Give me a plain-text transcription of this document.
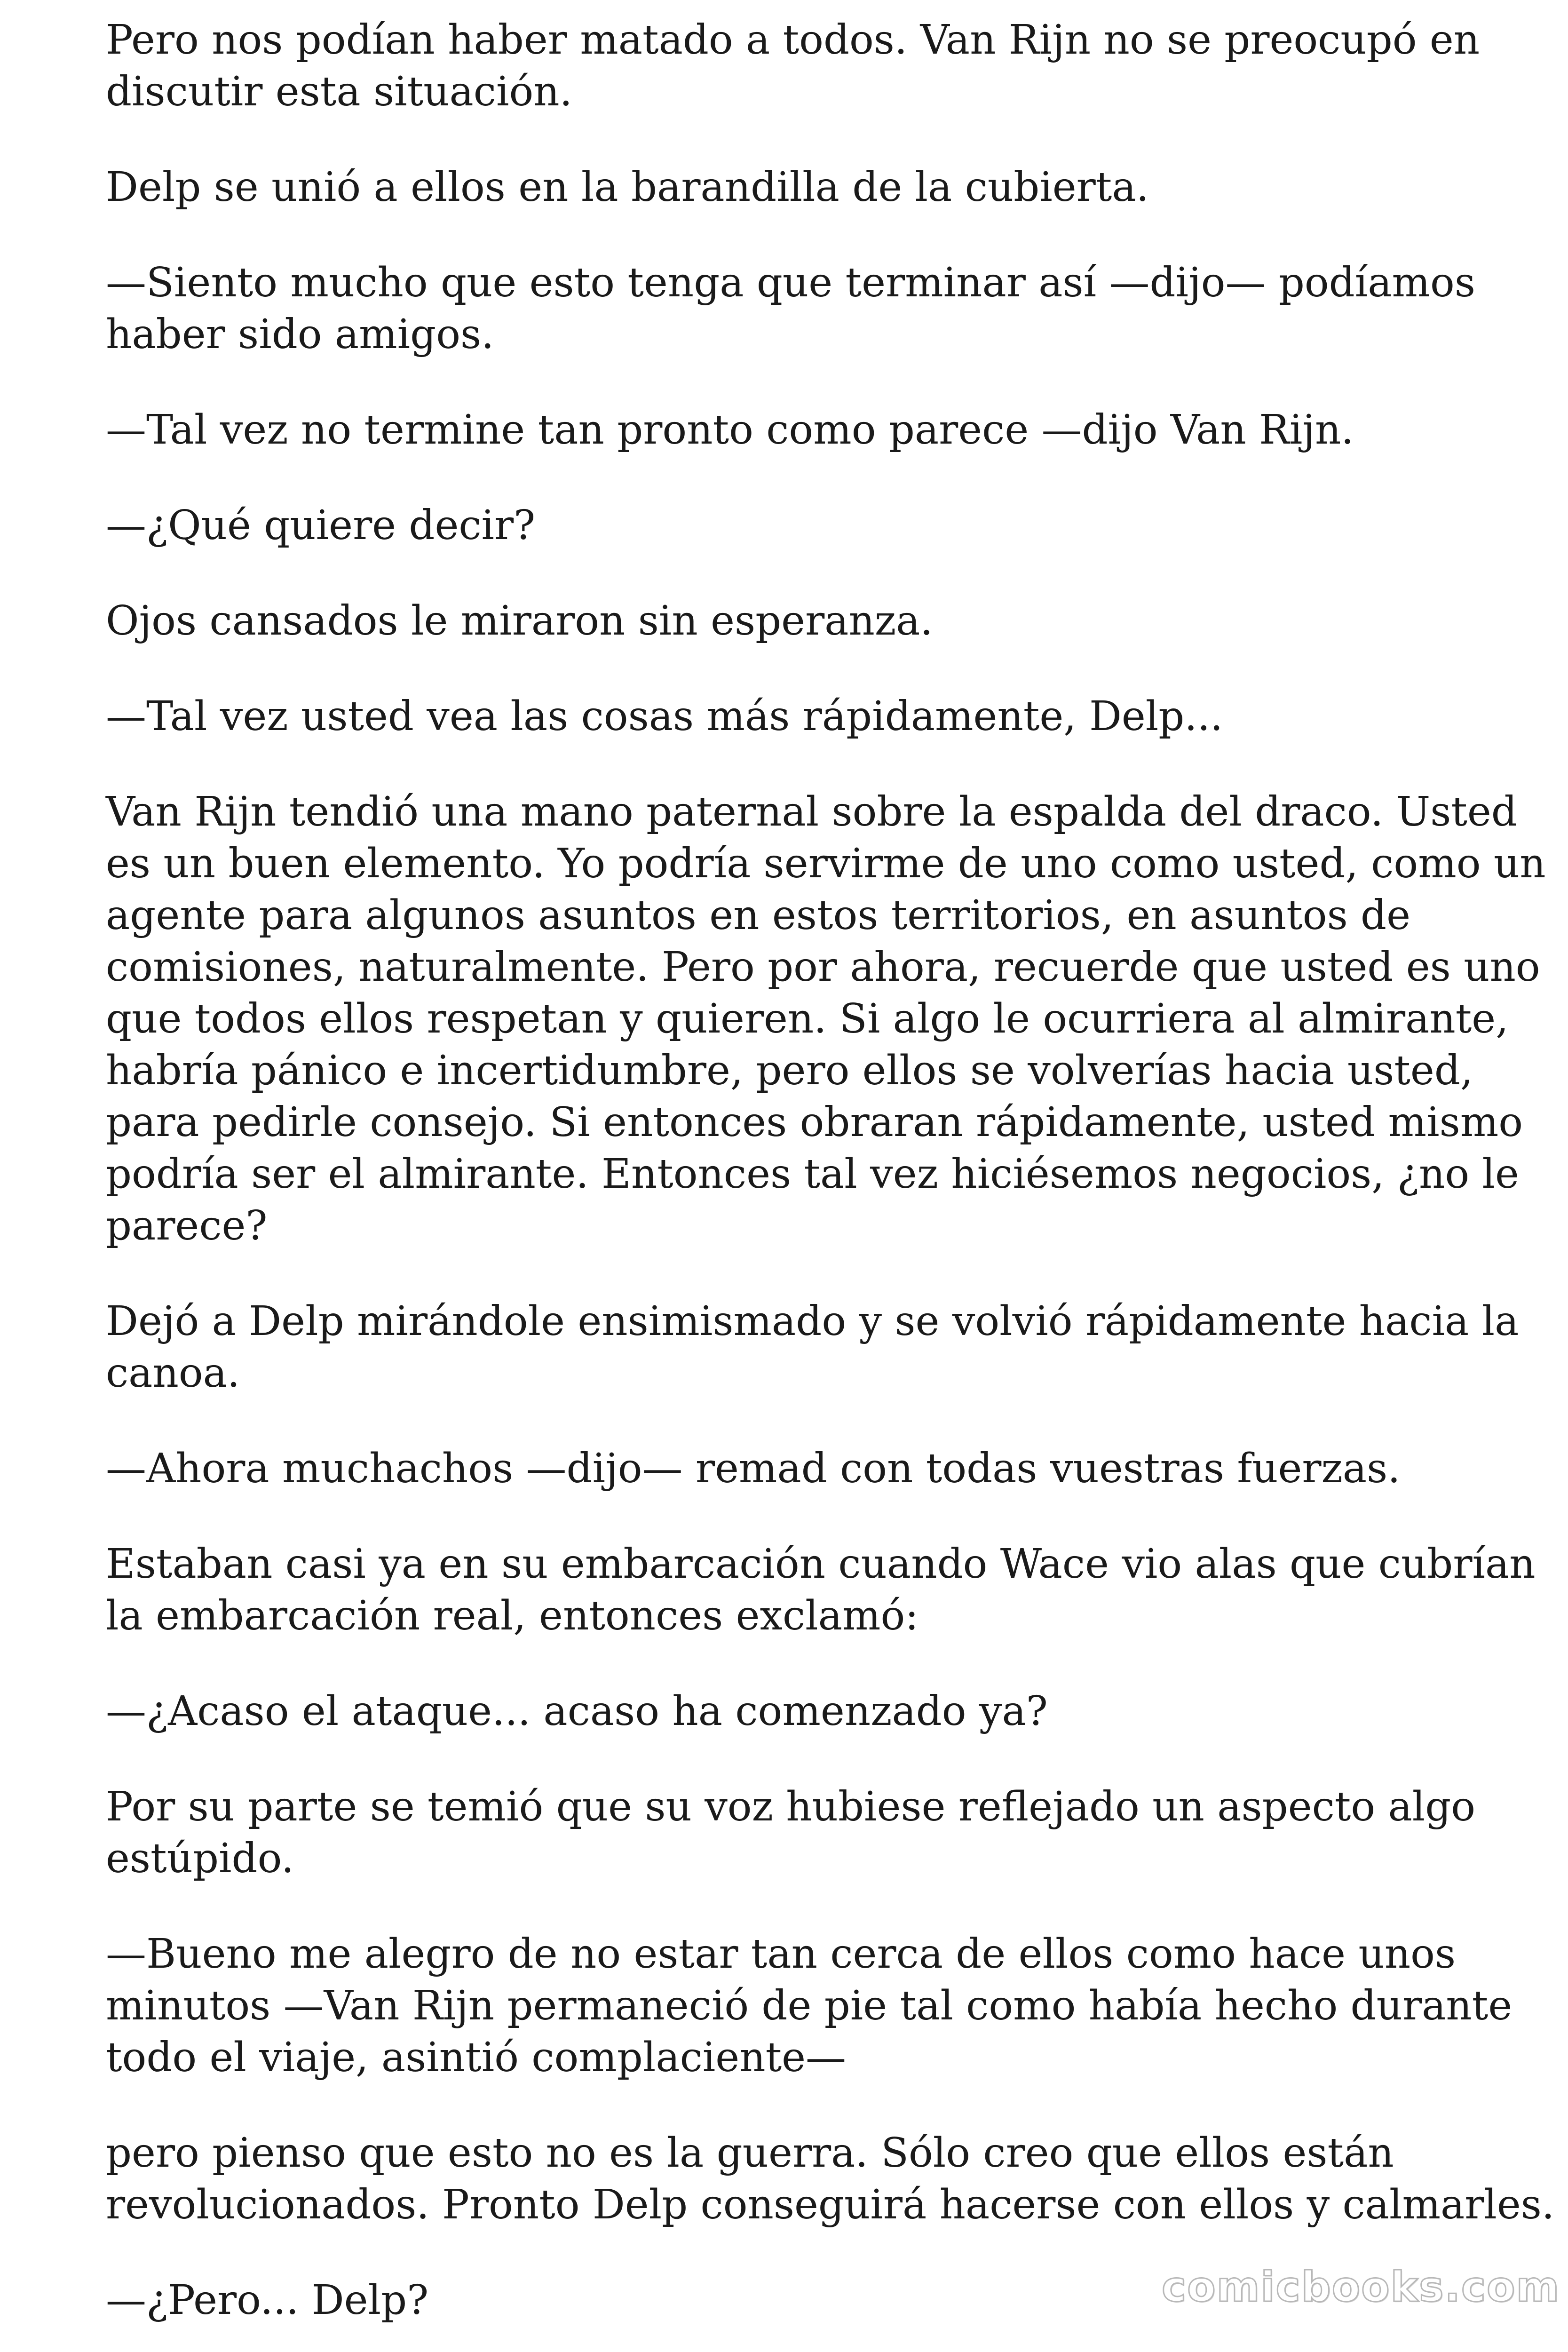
Pero nos podían haber matado a todos. Van Rijn no se preocupó en
discutir esta situación.

Delp se unió a ellos en la barandilla de la cubierta.

—Siento mucho que esto tenga que terminar así —dijo— podíamos
haber sido amigos.

—Tal vez no termine tan pronto como parece —dijo Van Rijn.

—¿Qué quiere decir?

Ojos cansados le miraron sin esperanza.

—Tal vez usted vea las cosas más rápidamente, Delp...

Van Rijn tendió una mano paternal sobre la espalda del draco. Usted
es un buen elemento. Yo podría servirme de uno como usted, como un
agente para algunos asuntos en estos territorios, en asuntos de
comisiones, naturalmente. Pero por ahora, recuerde que usted es uno
que todos ellos respetan y quieren. Si algo le ocurriera al almirante,
habría pánico e incertidumbre, pero ellos se volverías hacia usted,
para pedirle consejo. Si entonces obraran rápidamente, usted mismo
podría ser el almirante. Entonces tal vez hiciésemos negocios, ¿no le
parece?

Dejó a Delp mirándole ensimismado y se volvió rápidamente hacia la
canoa.

—Ahora muchachos —dijo— remad con todas vuestras fuerzas.

Estaban casi ya en su embarcación cuando Wace vio alas que cubrían
la embarcación real, entonces exclamó:

—¿Acaso el ataque... acaso ha comenzado ya?

Por su parte se temió que su voz hubiese reflejado un aspecto algo
estúpido.

—Bueno me alegro de no estar tan cerca de ellos como hace unos
minutos —Van Rijn permaneció de pie tal como había hecho durante
todo el viaje, asintió complaciente—

pero pienso que esto no es la guerra. Sólo creo que ellos están
revolucionados. Pronto Delp conseguirá hacerse con ellos y calmarles.

—¿Pero... Delp?	comicbooks.com
